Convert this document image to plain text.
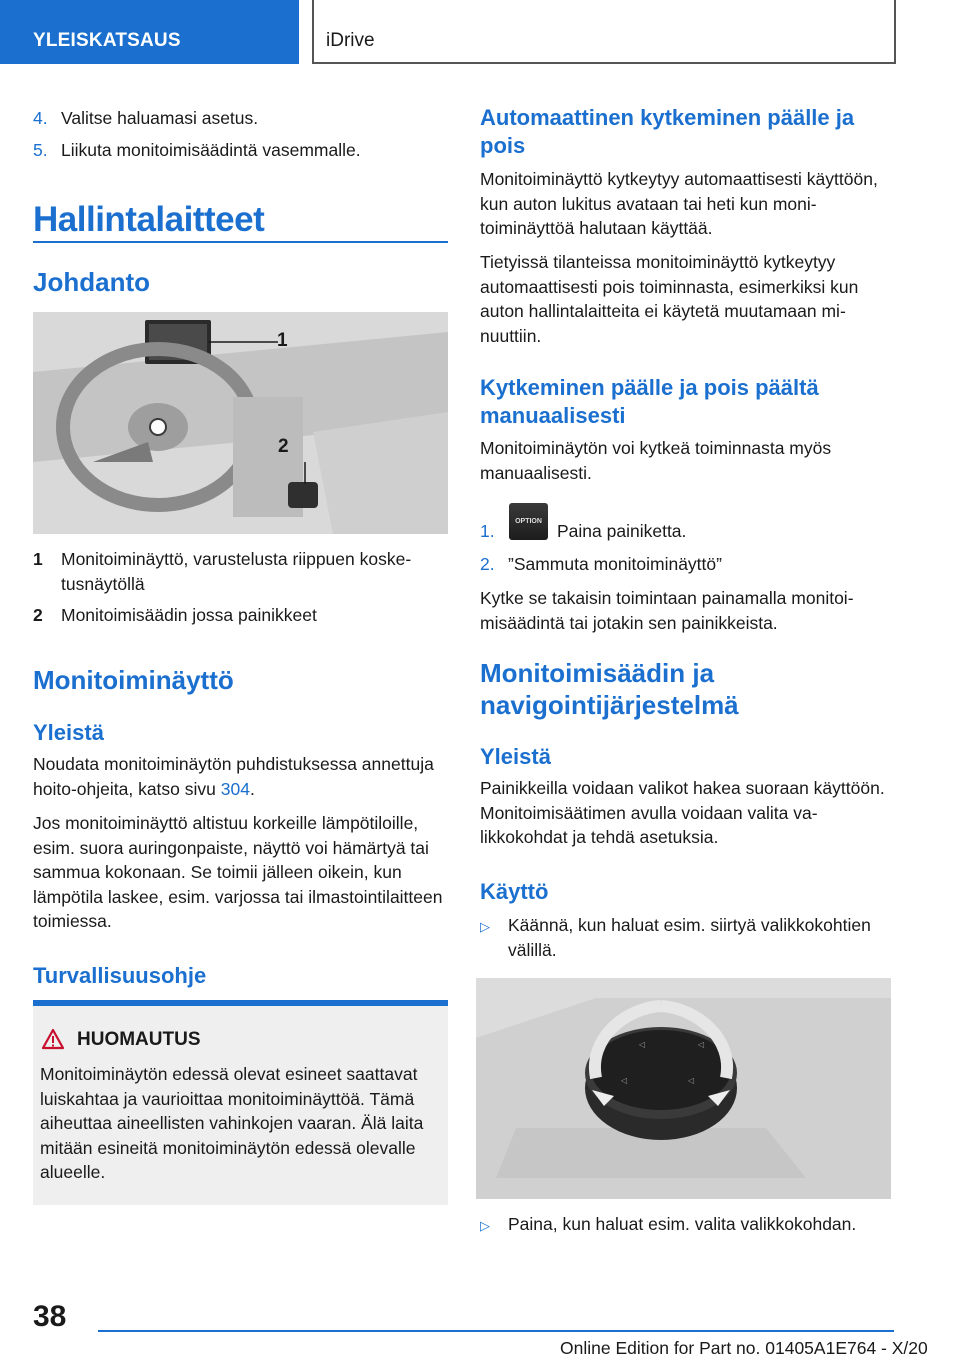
YLEISKATSAUS	iDrive
4. Valitse haluamasi asetus.
5. Liikuta monitoimisäädintä vasemmalle.
Hallintalaitteet
Johdanto
1
2
1 Monitoiminäyttö, varustelusta riippuen kosketusnäytöllä
2 Monitoimisäädin jossa painikkeet
Monitoiminäyttö
Yleistä

Noudata monitoiminäytön puhdistuksessa annettuja hoito-ohjeita, katso sivu 304.

Jos monitoiminäyttö altistuu korkeille lämpötiloille, esim. suora auringonpaiste, näyttö voi hämärtyä tai sammua kokonaan. Se toimii jälleen oikein, kun lämpötila laskee, esim. varjossa tai ilmastointilaitteen toimiessa.

Turvallisuusohje
HUOMAUTUS

Monitoiminäytön edessä olevat esineet saattavat luiskahtaa ja vaurioittaa monitoiminäyttöä. Tämä aiheuttaa aineellisten vahinkojen vaaran. Älä laita mitään esineitä monitoiminäytön edessä olevalle alueelle.

Automaattinen kytkeminen päälle ja pois

Monitoiminäyttö kytkeytyy automaattisesti käyttöön, kun auton lukitus avataan tai heti kun monitoiminäyttöä halutaan käyttää.

Tietyissä tilanteissa monitoiminäyttö kytkeytyy automaattisesti pois toiminnasta, esimerkiksi kun auton hallintalaitteita ei käytetä muutamaan minuuttiin.

Kytkeminen päälle ja pois päältä manuaalisesti

Monitoiminäytön voi kytkeä toiminnasta myös manuaalisesti.

1.	Paina painiketta.
2. ”Sammuta monitoiminäyttö”
OPTION

Kytke se takaisin toimintaan painamalla monitoimisäädintä tai jotakin sen painikkeista.

Monitoimisäädin ja navigointijärjestelmä
Yleistä

Painikkeilla voidaan valikot hakea suoraan käyttöön. Monitoimisäätimen avulla voidaan valita valikkokohdat ja tehdä asetuksia.

Käyttö
▷ Käännä, kun haluat esim. siirtyä valikkokohtien välillä.
◁	◁
◁	◁
▷ Paina, kun haluat esim. valita valikkokohdan.
38
Online Edition for Part no. 01405A1E764 - X/20
